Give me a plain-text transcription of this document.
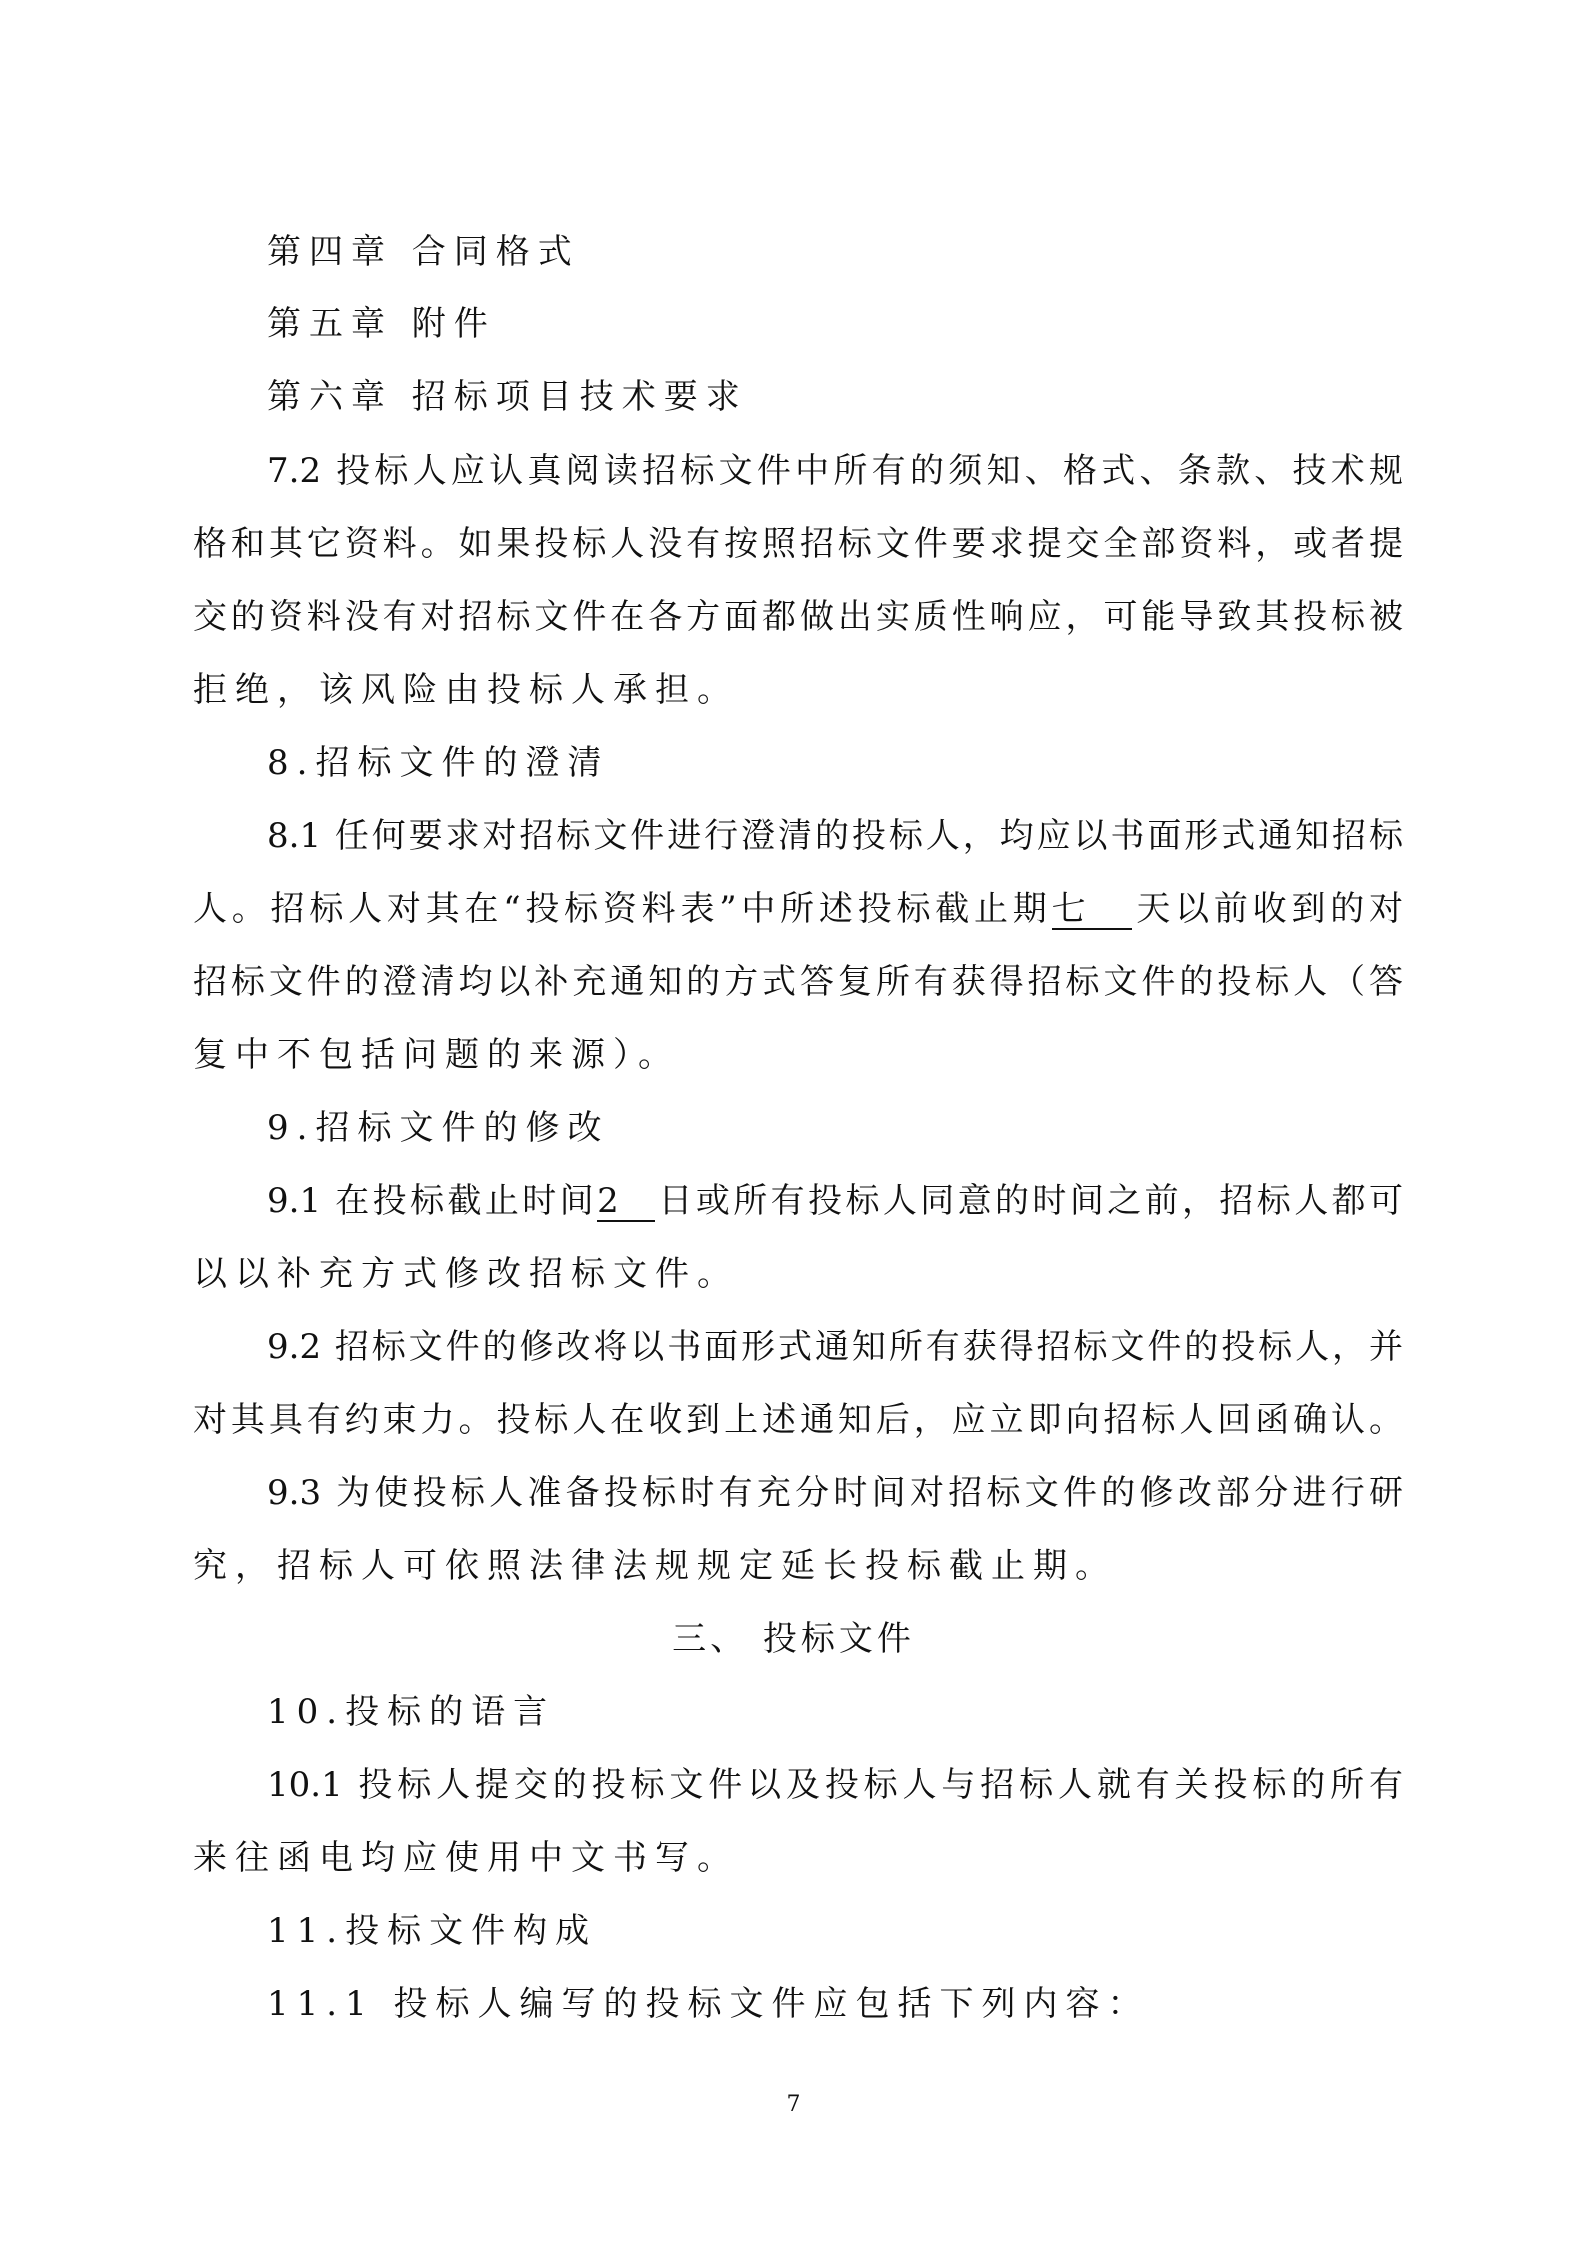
第四章 合同格式
第五章 附件
第六章 招标项目技术要求
7.2 投标人应认真阅读招标文件中所有的须知、格式、条款、技术规
格和其它资料。如果投标人没有按照招标文件要求提交全部资料，或者提
交的资料没有对招标文件在各方面都做出实质性响应，可能导致其投标被
拒绝，该风险由投标人承担。
8.招标文件的澄清
8.1 任何要求对招标文件进行澄清的投标人，均应以书面形式通知招标
人。招标人对其在“投标资料表”中所述投标截止期七 天以前收到的对
招标文件的澄清均以补充通知的方式答复所有获得招标文件的投标人（答
复中不包括问题的来源）。
9.招标文件的修改
9.1 在投标截止时间2 日或所有投标人同意的时间之前，招标人都可
以以补充方式修改招标文件。
9.2 招标文件的修改将以书面形式通知所有获得招标文件的投标人，并
对其具有约束力。投标人在收到上述通知后，应立即向招标人回函确认。
9.3 为使投标人准备投标时有充分时间对招标文件的修改部分进行研
究，招标人可依照法律法规规定延长投标截止期。
三、 投标文件
10.投标的语言
10.1 投标人提交的投标文件以及投标人与招标人就有关投标的所有
来往函电均应使用中文书写。
11.投标文件构成
11.1 投标人编写的投标文件应包括下列内容：
7
